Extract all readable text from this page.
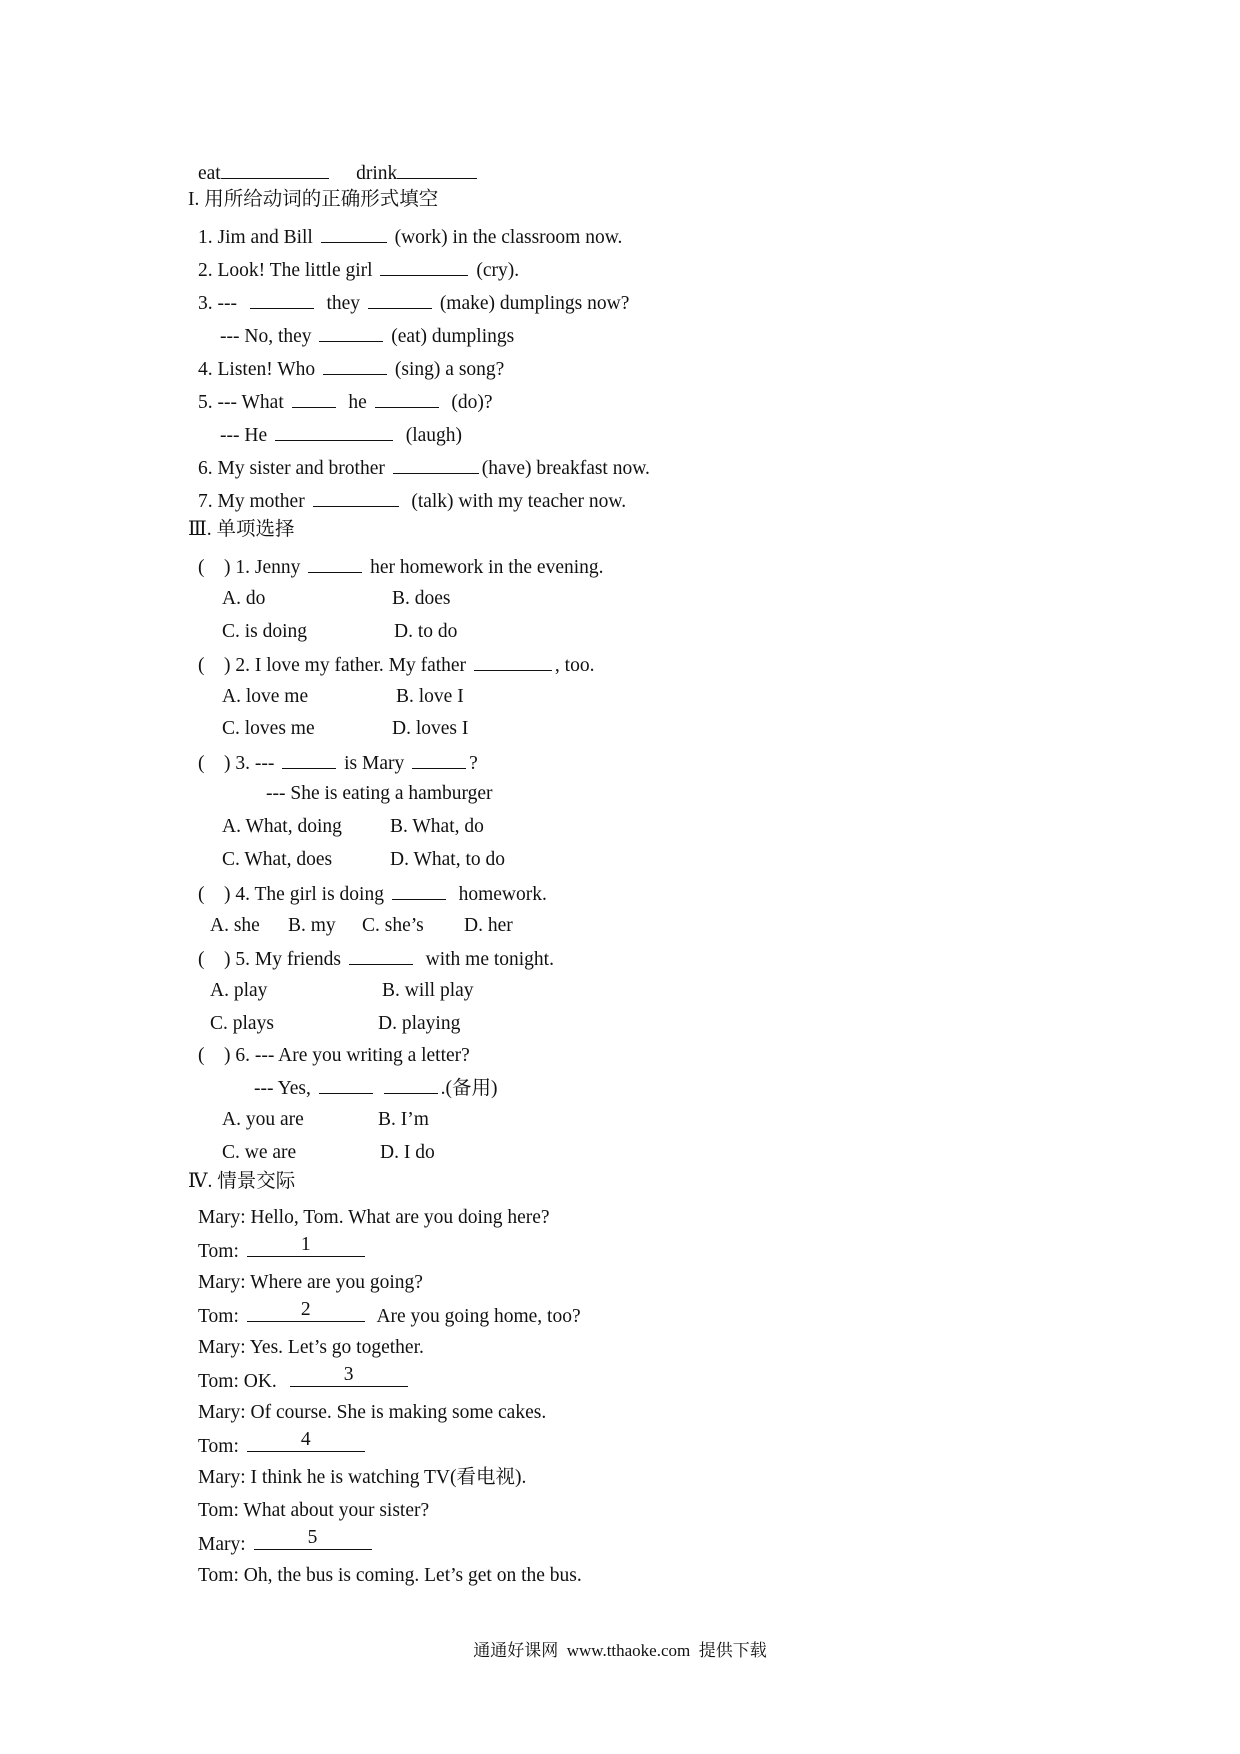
eat	drink
I. 用所给动词的正确形式填空
1. Jim and Bill	(work) in the classroom now.
2. Look! The little girl	(cry).
3. ---	they	(make) dumplings now?
--- No, they	(eat) dumplings
4. Listen! Who	(sing) a song?
5. --- What	he	(do)?
--- He	(laugh)
6. My sister and brother	(have) breakfast now.
7. My mother	(talk) with my teacher now.
Ⅲ. 单项选择
( ) 1. Jenny	her homework in the evening.
A. do	B. does
C. is doing	D. to do
( ) 2. I love my father. My father	, too.
A. love me	B. love I
C. loves me	D. loves I
( ) 3. ---	is Mary	?
--- She is eating a hamburger
A. What, doing B. What, do
C. What, does	D. What, to do
( ) 4. The girl is doing	homework.
A. she B. my C. she’s D. her
( ) 5. My friends	with me tonight.
A. play	B. will play
C. plays	D. playing
( ) 6. --- Are you writing a letter?
--- Yes,	.(备用)
A. you are	B. I’m
C. we are	D. I do
Ⅳ. 情景交际
Mary: Hello, Tom. What are you doing here?
Tom:	1
Mary: Where are you going?
Tom:	2	Are you going home, too?
Mary: Yes. Let’s go together.
Tom: OK.	3
Mary: Of course. She is making some cakes.
Tom:	4
Mary: I think he is watching TV(看电视).
Tom: What about your sister?
Mary:	5
Tom: Oh, the bus is coming. Let’s get on the bus.
通通好课网  www.tthaoke.com  提供下载
